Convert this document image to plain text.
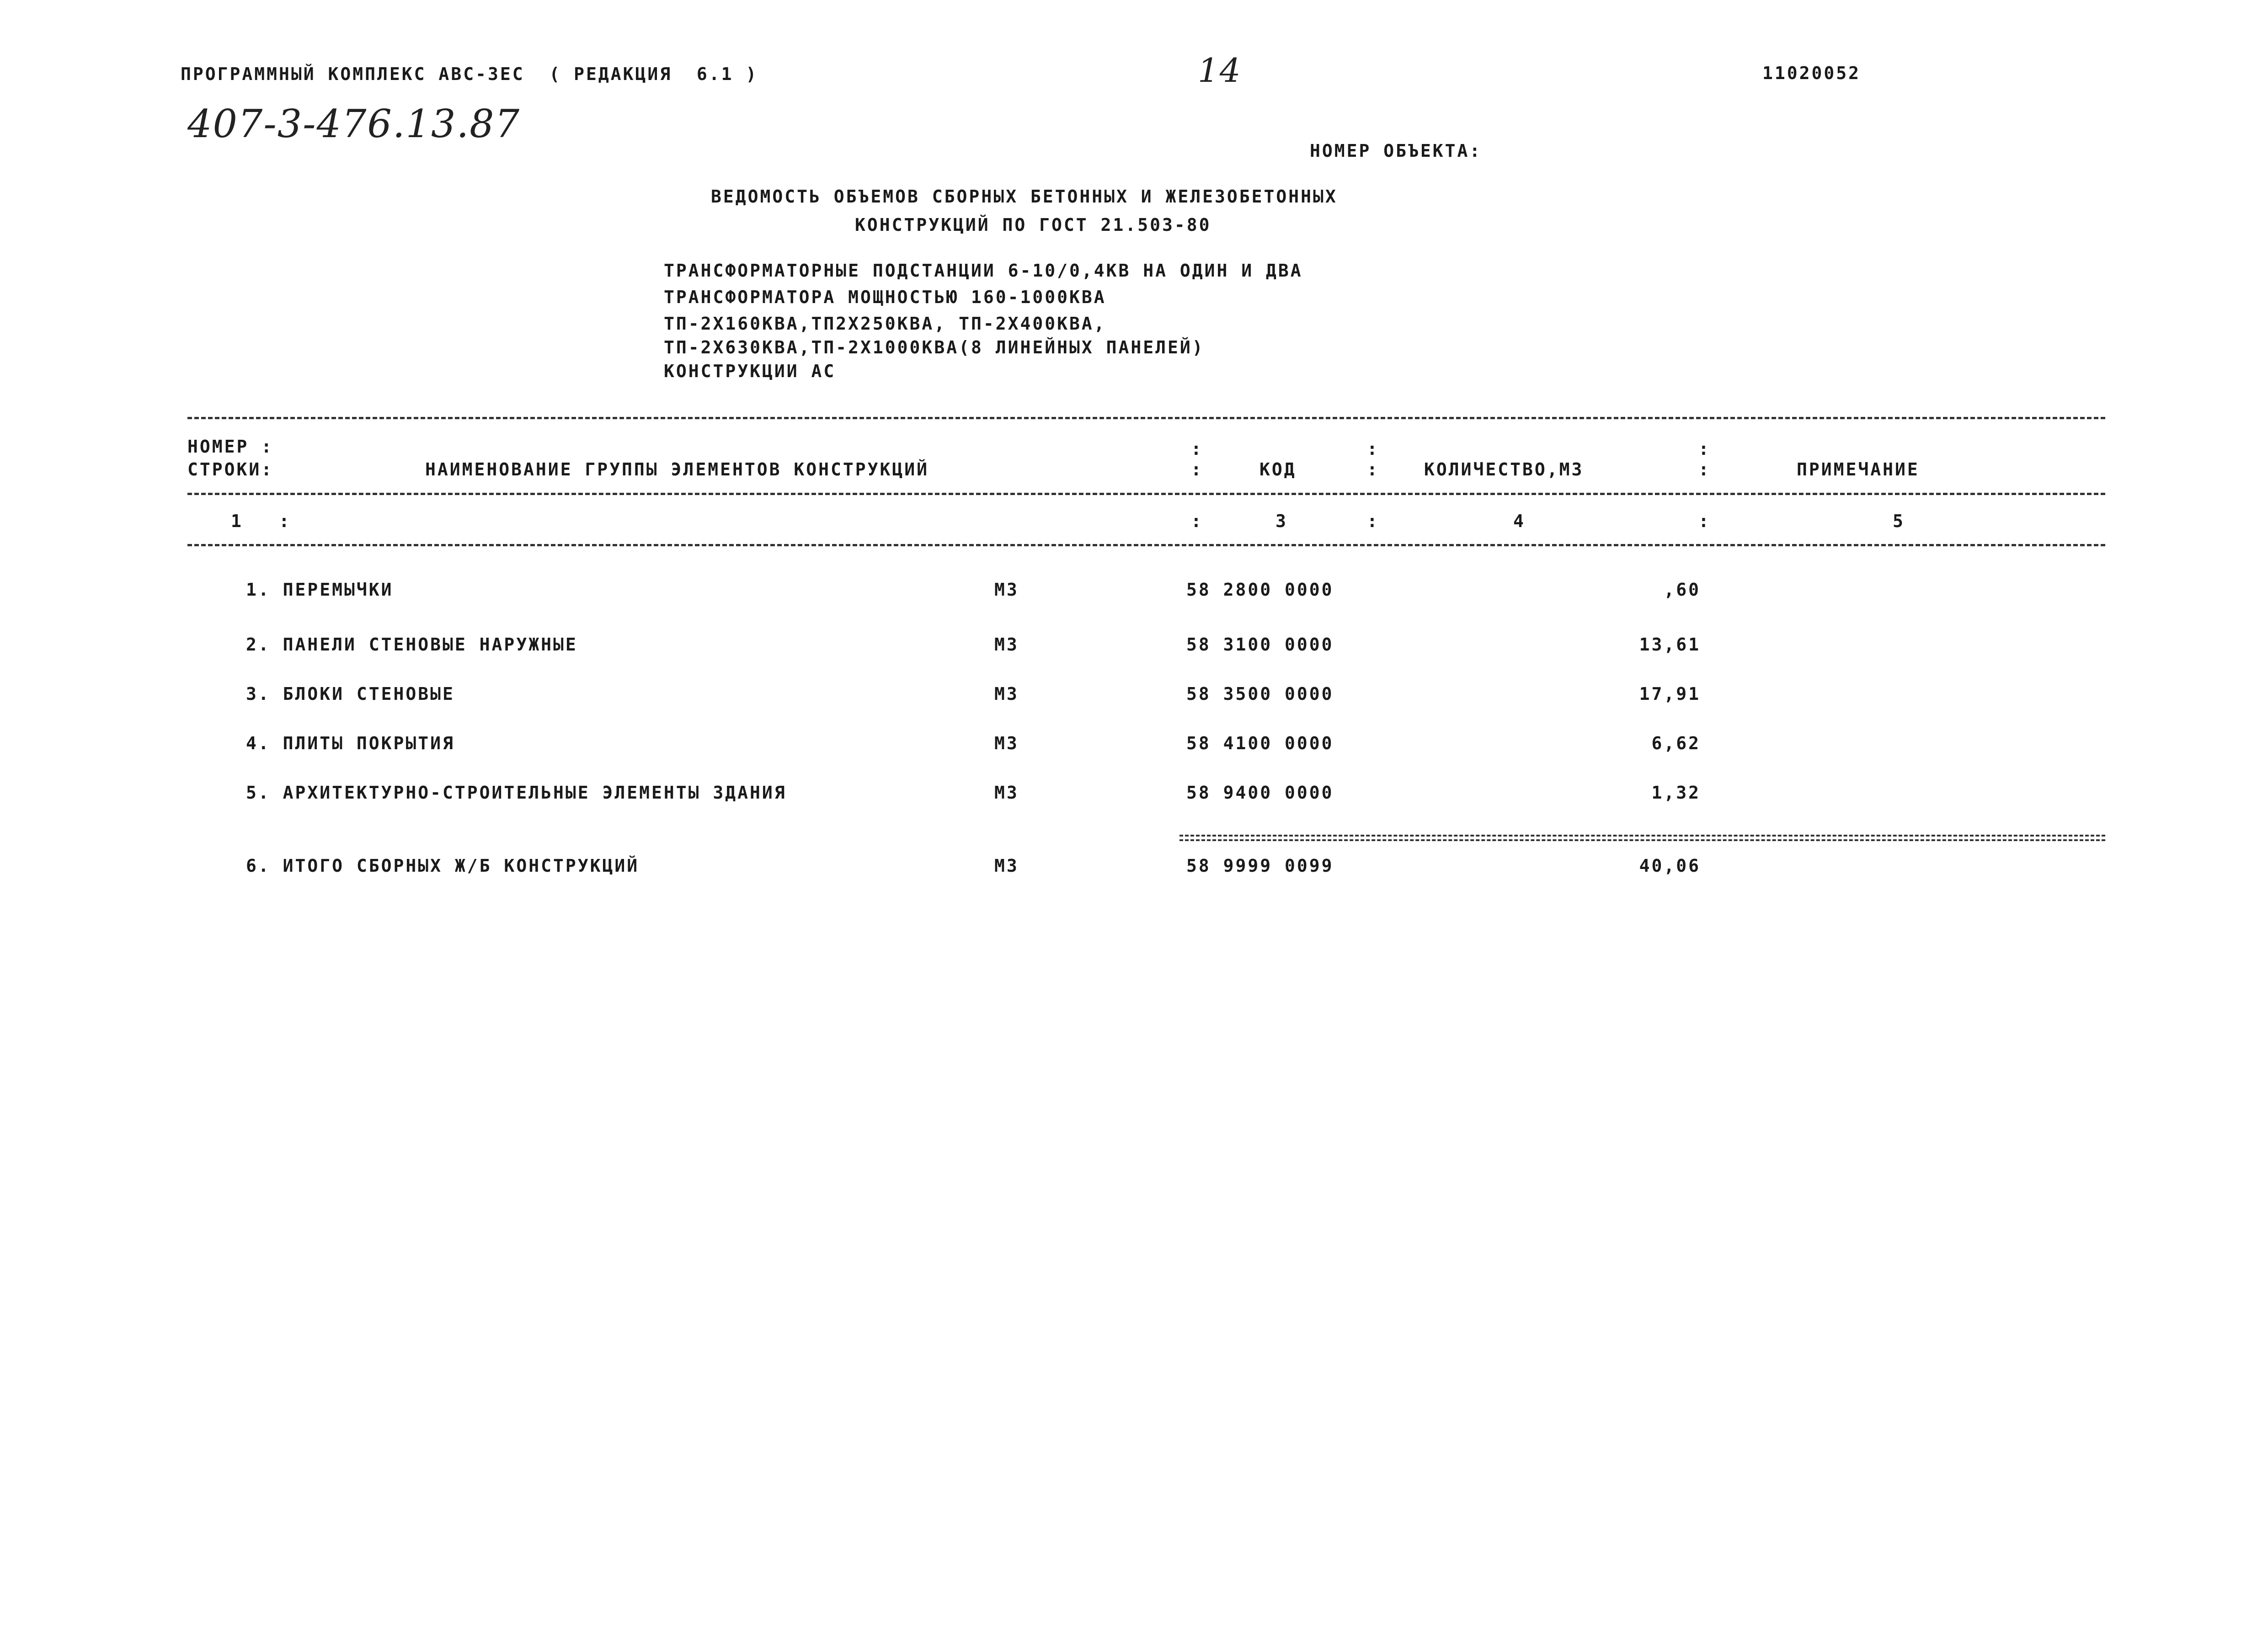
ПРОГРАММНЫЙ КОМПЛЕКС АВС-3ЕС  ( РЕДАКЦИЯ  6.1 )	14	11020052
407-3-476.13.87
НОМЕР ОБЪЕКТА:
ВЕДОМОСТЬ ОБЪЕМОВ СБОРНЫХ БЕТОННЫХ И ЖЕЛЕЗОБЕТОННЫХ
КОНСТРУКЦИЙ ПО ГОСТ 21.503-80
ТРАНСФОРМАТОРНЫЕ ПОДСТАНЦИИ 6-10/0,4КВ НА ОДИН И ДВА
ТРАНСФОРМАТОРА МОЩНОСТЬЮ 160-1000КВА
ТП-2Х160КВА,ТП2Х250КВА, ТП-2Х400КВА,
ТП-2Х630КВА,ТП-2Х1000КВА(8 ЛИНЕЙНЫХ ПАНЕЛЕЙ)
КОНСТРУКЦИИ АС
НОМЕР :
СТРОКИ:	НАИМЕНОВАНИЕ ГРУППЫ ЭЛЕМЕНТОВ КОНСТРУКЦИЙ	КОД	КОЛИЧЕСТВО,М3	ПРИМЕЧАНИЕ
:
:
:
:
:
:
1 :	:	3	:	4	:	5
1. ПЕРЕМЫЧКИ	М3	58 2800 0000	,60
2. ПАНЕЛИ СТЕНОВЫЕ НАРУЖНЫЕ	М3	58 3100 0000	13,61
3. БЛОКИ СТЕНОВЫЕ	М3	58 3500 0000	17,91
4. ПЛИТЫ ПОКРЫТИЯ	М3	58 4100 0000	6,62
5. АРХИТЕКТУРНО-СТРОИТЕЛЬНЫЕ ЭЛЕМЕНТЫ ЗДАНИЯ	М3	58 9400 0000	1,32
6. ИТОГО СБОРНЫХ Ж/Б КОНСТРУКЦИЙ	М3	58 9999 0099	40,06
